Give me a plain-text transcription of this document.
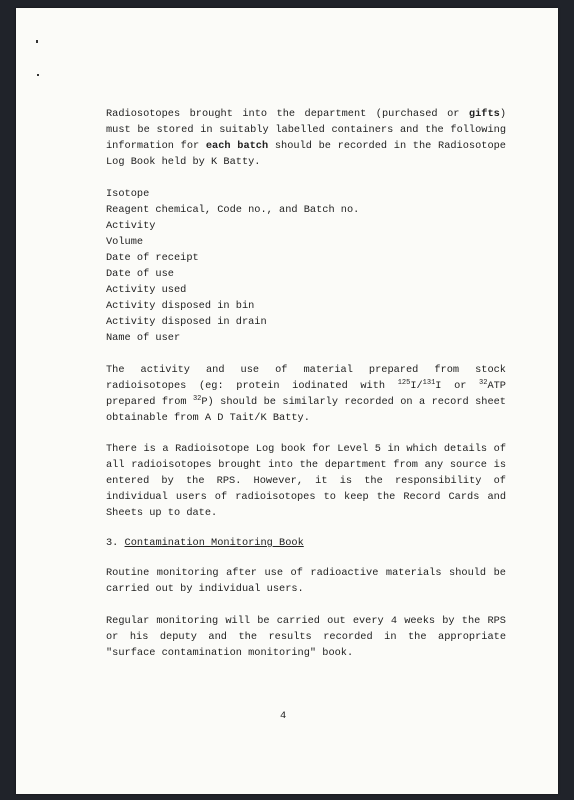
Radiosotopes brought into the department (purchased or gifts) must be stored in suitably labelled containers and the following information for each batch should be recorded in the Radiosotope Log Book held by K Batty.

Isotope
Reagent chemical, Code no., and Batch no.
Activity
Volume
Date of receipt
Date of use
Activity used
Activity disposed in bin
Activity disposed in drain
Name of user

The activity and use of material prepared from stock radioisotopes (eg: protein iodinated with $^{125}$I/$^{131}$I or $^{32}$ATP prepared from $^{32}$P) should be similarly recorded on a record sheet obtainable from A D Tait/K Batty.

There is a Radioisotope Log book for Level 5 in which details of all radioisotopes brought into the department from any source is entered by the RPS. However, it is the responsibility of individual users of radioisotopes to keep the Record Cards and Sheets up to date.

3. Contamination Monitoring Book

Routine monitoring after use of radioactive materials should be carried out by individual users.

Regular monitoring will be carried out every 4 weeks by the RPS or his deputy and the results recorded in the appropriate "surface contamination monitoring" book.

4
